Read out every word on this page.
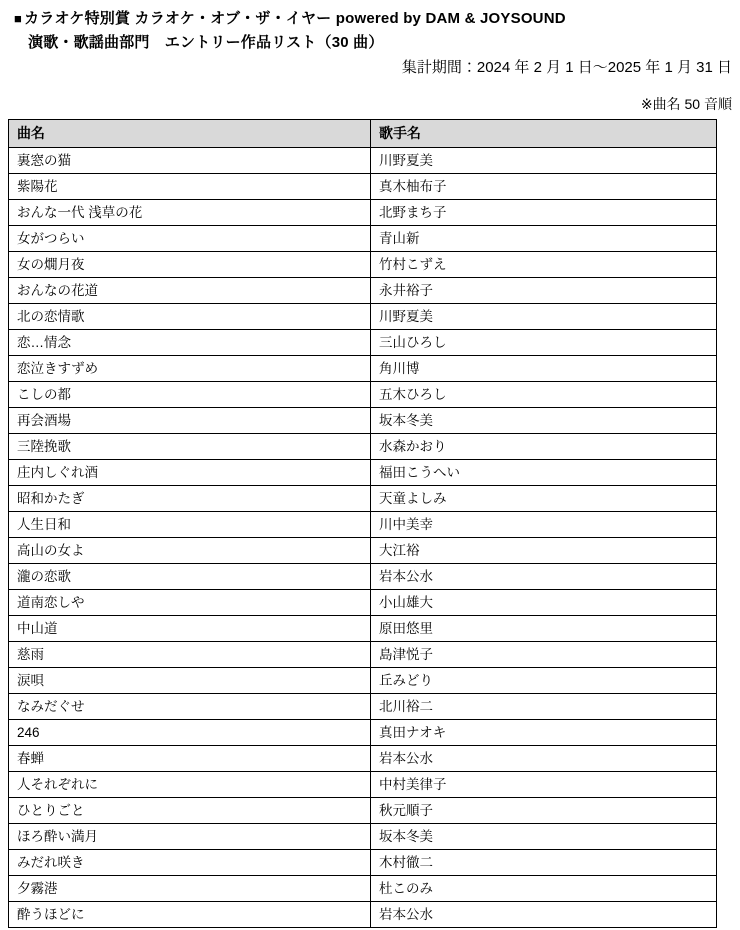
■ カラオケ特別賞 カラオケ・オブ・ザ・イヤー powered by DAM & JOYSOUND

演歌・歌謡曲部門　エントリー作品リスト（30 曲）

集計期間：2024 年 2 月 1 日～2025 年 1 月 31 日

※曲名 50 音順

曲名	歌手名
裏窓の猫	川野夏美
紫陽花	真木柚布子
おんな一代 浅草の花	北野まち子
女がつらい	青山新
女の燗月夜	竹村こずえ
おんなの花道	永井裕子
北の恋情歌	川野夏美
恋…情念	三山ひろし
恋泣きすずめ	角川博
こしの都	五木ひろし
再会酒場	坂本冬美
三陸挽歌	水森かおり
庄内しぐれ酒	福田こうへい
昭和かたぎ	天童よしみ
人生日和	川中美幸
高山の女よ	大江裕
瀧の恋歌	岩本公水
道南恋しや	小山雄大
中山道	原田悠里
慈雨	島津悦子
涙唄	丘みどり
なみだぐせ	北川裕二
246	真田ナオキ
春蝉	岩本公水
人それぞれに	中村美律子
ひとりごと	秋元順子
ほろ酔い満月	坂本冬美
みだれ咲き	木村徹二
夕霧港	杜このみ
酔うほどに	岩本公水
